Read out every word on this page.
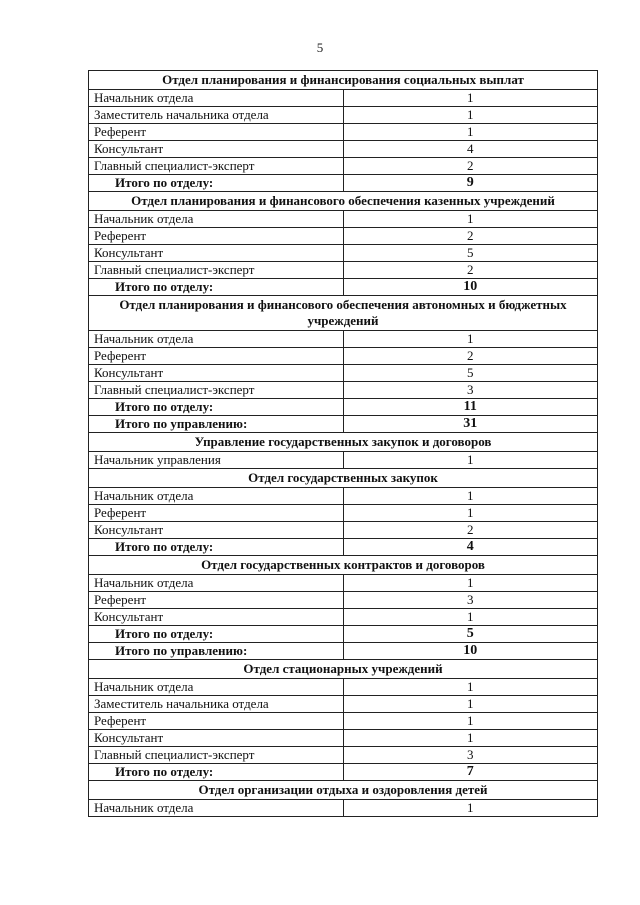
5
Отдел планирования и финансирования социальных выплат	
Начальник отдела	1
Заместитель начальника отдела	1
Референт	1
Консультант	4
Главный специалист-эксперт	2
Итого по отделу:	9
Отдел планирования и финансового обеспечения казенных учреждений	
Начальник отдела	1
Референт	2
Консультант	5
Главный специалист-эксперт	2
Итого по отделу:	10
Отдел планирования и финансового обеспечения автономных и бюджетных учреждений	
Начальник отдела	1
Референт	2
Консультант	5
Главный специалист-эксперт	3
Итого по отделу:	11
Итого по управлению:	31
Управление государственных закупок и договоров	
Начальник управления	1
Отдел государственных закупок	
Начальник отдела	1
Референт	1
Консультант	2
Итого по отделу:	4
Отдел государственных контрактов и договоров	
Начальник отдела	1
Референт	3
Консультант	1
Итого по отделу:	5
Итого по управлению:	10
Отдел стационарных учреждений	
Начальник отдела	1
Заместитель начальника отдела	1
Референт	1
Консультант	1
Главный специалист-эксперт	3
Итого по отделу:	7
Отдел организации отдыха и оздоровления детей	
Начальник отдела	1
